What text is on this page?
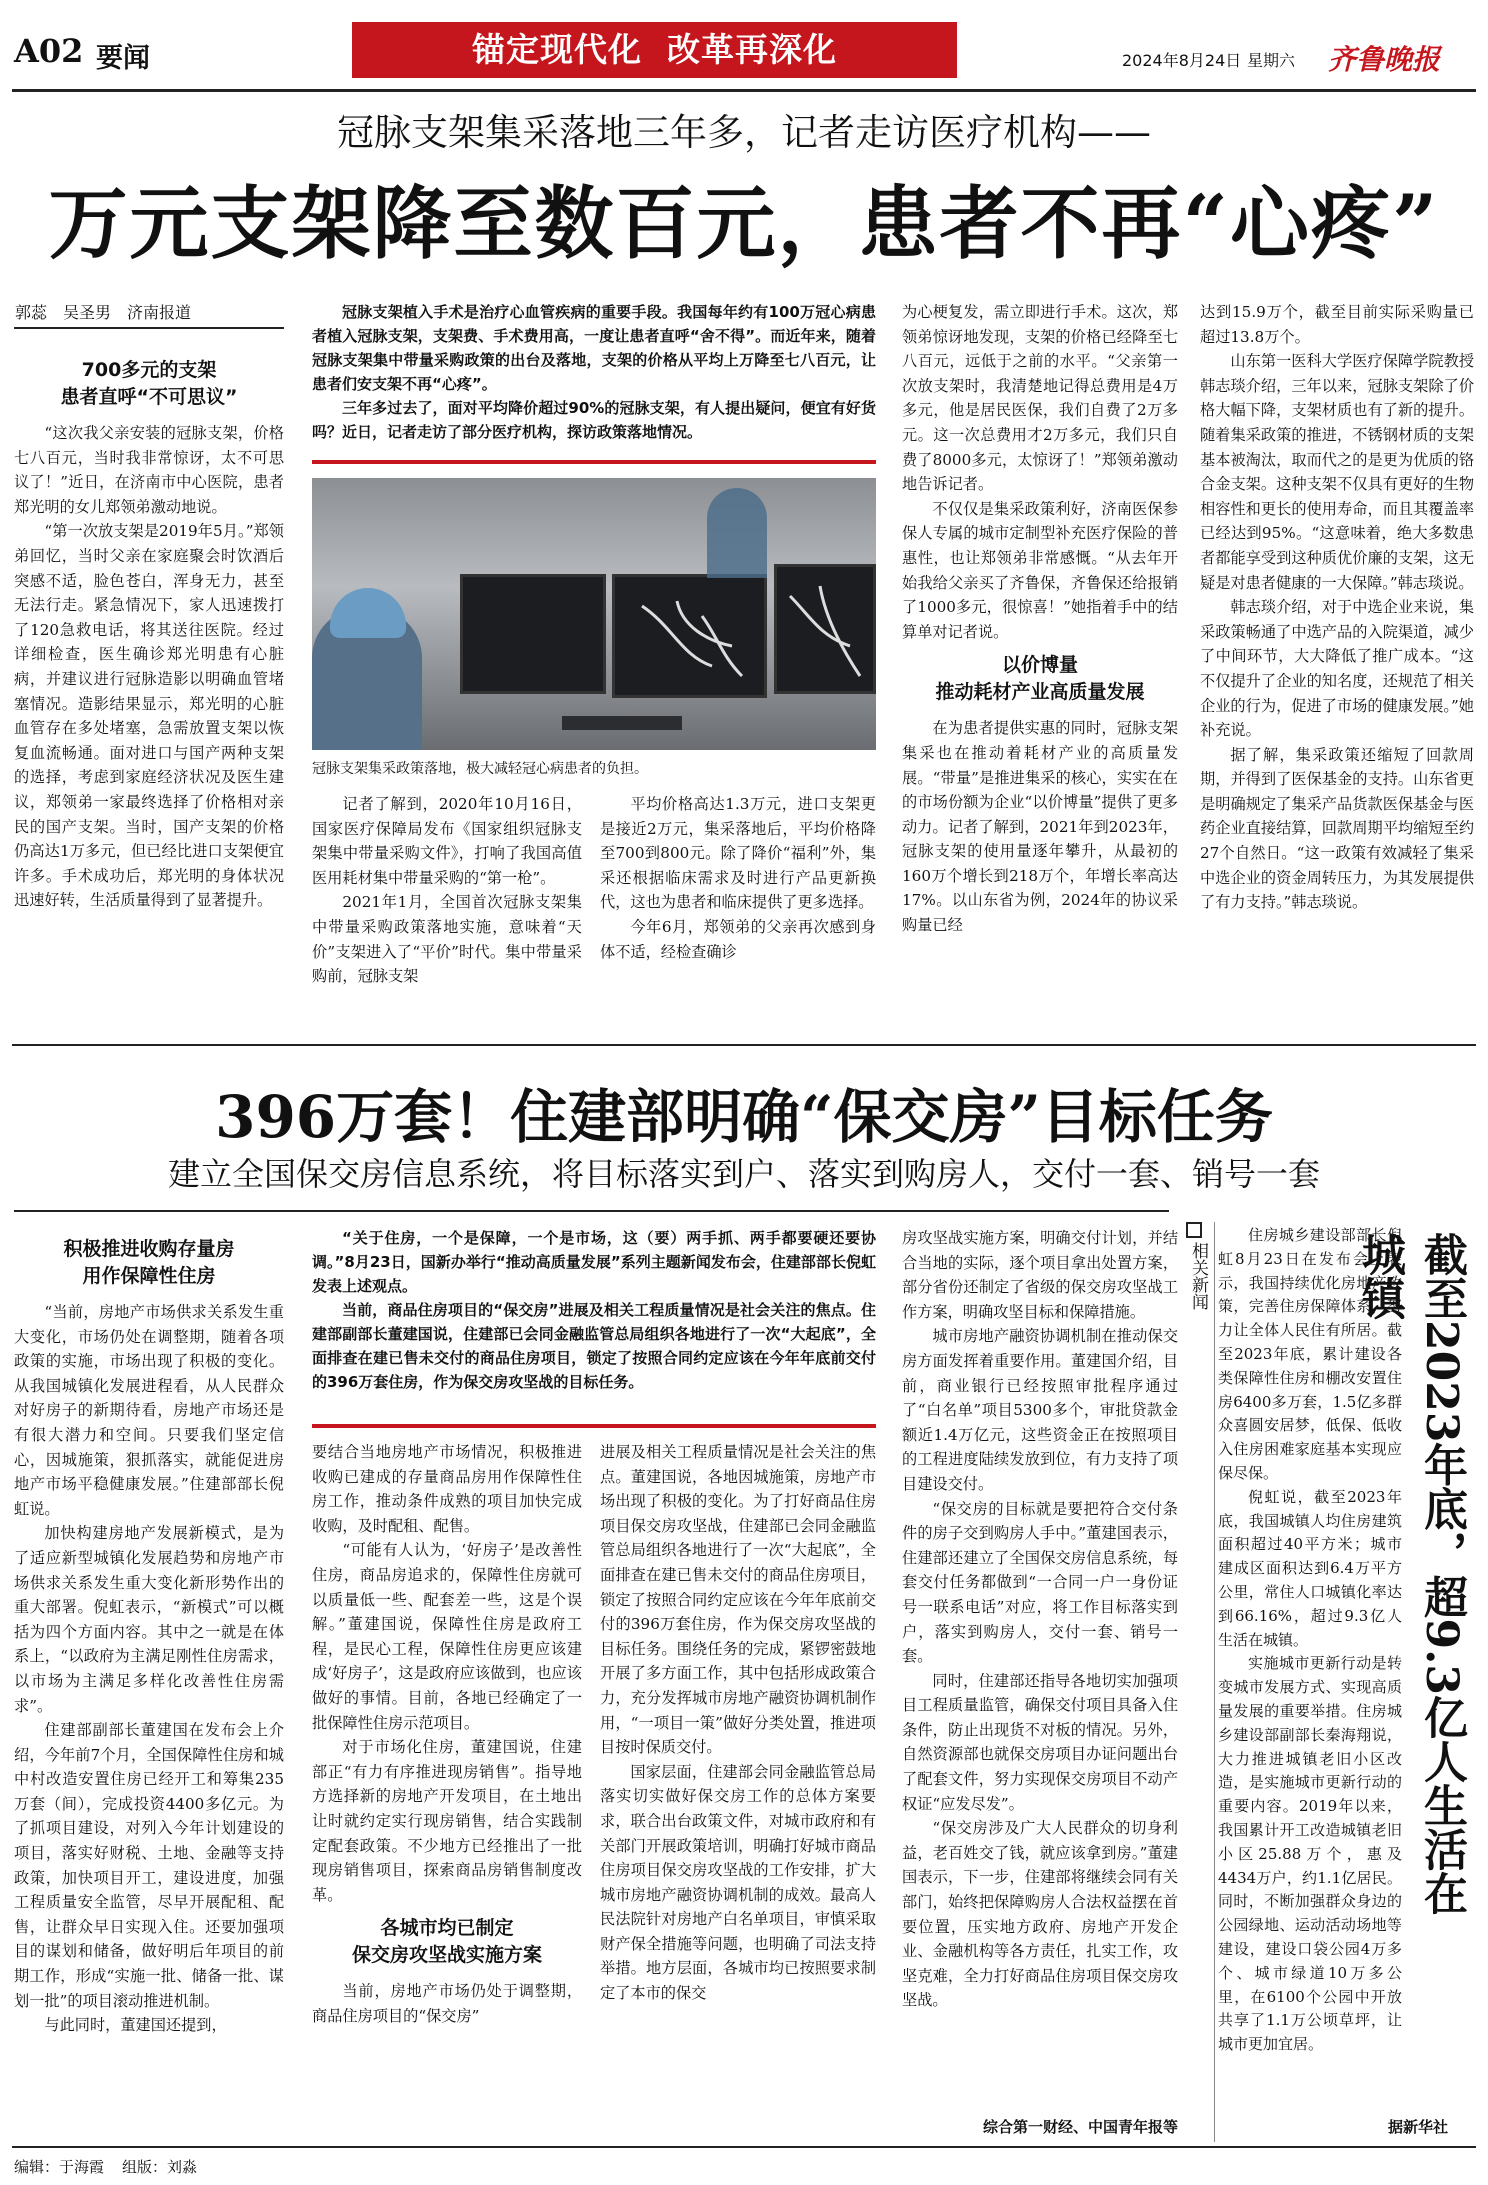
A02 要闻	锚定现代化  改革再深化	2024年8月24日 星期六 齐鲁晚报
冠脉支架集采落地三年多，记者走访医疗机构——
万元支架降至数百元，患者不再“心疼”
郭蕊　吴圣男　济南报道
700多元的支架
患者直呼“不可思议”

“这次我父亲安装的冠脉支架，价格七八百元，当时我非常惊讶，太不可思议了！”近日，在济南市中心医院，患者郑光明的女儿郑领弟激动地说。

“第一次放支架是2019年5月。”郑领弟回忆，当时父亲在家庭聚会时饮酒后突感不适，脸色苍白，浑身无力，甚至无法行走。紧急情况下，家人迅速拨打了120急救电话，将其送往医院。经过详细检查，医生确诊郑光明患有心脏病，并建议进行冠脉造影以明确血管堵塞情况。造影结果显示，郑光明的心脏血管存在多处堵塞，急需放置支架以恢复血流畅通。面对进口与国产两种支架的选择，考虑到家庭经济状况及医生建议，郑领弟一家最终选择了价格相对亲民的国产支架。当时，国产支架的价格仍高达1万多元，但已经比进口支架便宜许多。手术成功后，郑光明的身体状况迅速好转，生活质量得到了显著提升。

冠脉支架植入手术是治疗心血管疾病的重要手段。我国每年约有100万冠心病患者植入冠脉支架，支架费、手术费用高，一度让患者直呼“舍不得”。而近年来，随着冠脉支架集中带量采购政策的出台及落地，支架的价格从平均上万降至七八百元，让患者们安支架不再“心疼”。

三年多过去了，面对平均降价超过90%的冠脉支架，有人提出疑问，便宜有好货吗？近日，记者走访了部分医疗机构，探访政策落地情况。

冠脉支架集采政策落地，极大减轻冠心病患者的负担。

记者了解到，2020年10月16日，国家医疗保障局发布《国家组织冠脉支架集中带量采购文件》，打响了我国高值医用耗材集中带量采购的“第一枪”。

2021年1月，全国首次冠脉支架集中带量采购政策落地实施，意味着“天价”支架进入了“平价”时代。集中带量采购前，冠脉支架

平均价格高达1.3万元，进口支架更是接近2万元，集采落地后，平均价格降至700到800元。除了降价“福利”外，集采还根据临床需求及时进行产品更新换代，这也为患者和临床提供了更多选择。

今年6月，郑领弟的父亲再次感到身体不适，经检查确诊

为心梗复发，需立即进行手术。这次，郑领弟惊讶地发现，支架的价格已经降至七八百元，远低于之前的水平。“父亲第一次放支架时，我清楚地记得总费用是4万多元，他是居民医保，我们自费了2万多元。这一次总费用才2万多元，我们只自费了8000多元，太惊讶了！”郑领弟激动地告诉记者。

不仅仅是集采政策利好，济南医保参保人专属的城市定制型补充医疗保险的普惠性，也让郑领弟非常感慨。“从去年开始我给父亲买了齐鲁保，齐鲁保还给报销了1000多元，很惊喜！”她指着手中的结算单对记者说。

以价博量
推动耗材产业高质量发展

在为患者提供实惠的同时，冠脉支架集采也在推动着耗材产业的高质量发展。“带量”是推进集采的核心，实实在在的市场份额为企业“以价博量”提供了更多动力。记者了解到，2021年到2023年，冠脉支架的使用量逐年攀升，从最初的160万个增长到218万个，年增长率高达17%。以山东省为例，2024年的协议采购量已经

达到15.9万个，截至目前实际采购量已超过13.8万个。

山东第一医科大学医疗保障学院教授韩志琰介绍，三年以来，冠脉支架除了价格大幅下降，支架材质也有了新的提升。随着集采政策的推进，不锈钢材质的支架基本被淘汰，取而代之的是更为优质的铬合金支架。这种支架不仅具有更好的生物相容性和更长的使用寿命，而且其覆盖率已经达到95%。“这意味着，绝大多数患者都能享受到这种质优价廉的支架，这无疑是对患者健康的一大保障。”韩志琰说。

韩志琰介绍，对于中选企业来说，集采政策畅通了中选产品的入院渠道，减少了中间环节，大大降低了推广成本。“这不仅提升了企业的知名度，还规范了相关企业的行为，促进了市场的健康发展。”她补充说。

据了解，集采政策还缩短了回款周期，并得到了医保基金的支持。山东省更是明确规定了集采产品货款医保基金与医药企业直接结算，回款周期平均缩短至约27个自然日。“这一政策有效减轻了集采中选企业的资金周转压力，为其发展提供了有力支持。”韩志琰说。

396万套！住建部明确“保交房”目标任务
建立全国保交房信息系统，将目标落实到户、落实到购房人，交付一套、销号一套
积极推进收购存量房
用作保障性住房

“当前，房地产市场供求关系发生重大变化，市场仍处在调整期，随着各项政策的实施，市场出现了积极的变化。从我国城镇化发展进程看，从人民群众对好房子的新期待看，房地产市场还是有很大潜力和空间。只要我们坚定信心，因城施策，狠抓落实，就能促进房地产市场平稳健康发展。”住建部部长倪虹说。

加快构建房地产发展新模式，是为了适应新型城镇化发展趋势和房地产市场供求关系发生重大变化新形势作出的重大部署。倪虹表示，“新模式”可以概括为四个方面内容。其中之一就是在体系上，“以政府为主满足刚性住房需求，以市场为主满足多样化改善性住房需求”。

住建部副部长董建国在发布会上介绍，今年前7个月，全国保障性住房和城中村改造安置住房已经开工和筹集235万套（间），完成投资4400多亿元。为了抓项目建设，对列入今年计划建设的项目，落实好财税、土地、金融等支持政策，加快项目开工，建设进度，加强工程质量安全监管，尽早开展配租、配售，让群众早日实现入住。还要加强项目的谋划和储备，做好明后年项目的前期工作，形成“实施一批、储备一批、谋划一批”的项目滚动推进机制。

与此同时，董建国还提到，

“关于住房，一个是保障，一个是市场，这（要）两手抓、两手都要硬还要协调。”8月23日，国新办举行“推动高质量发展”系列主题新闻发布会，住建部部长倪虹发表上述观点。

当前，商品住房项目的“保交房”进展及相关工程质量情况是社会关注的焦点。住建部副部长董建国说，住建部已会同金融监管总局组织各地进行了一次“大起底”，全面排查在建已售未交付的商品住房项目，锁定了按照合同约定应该在今年年底前交付的396万套住房，作为保交房攻坚战的目标任务。

要结合当地房地产市场情况，积极推进收购已建成的存量商品房用作保障性住房工作，推动条件成熟的项目加快完成收购，及时配租、配售。

“可能有人认为，‘好房子’是改善性住房，商品房追求的，保障性住房就可以质量低一些、配套差一些，这是个误解。”董建国说，保障性住房是政府工程，是民心工程，保障性住房更应该建成‘好房子’，这是政府应该做到，也应该做好的事情。目前，各地已经确定了一批保障性住房示范项目。

对于市场化住房，董建国说，住建部正“有力有序推进现房销售”。指导地方选择新的房地产开发项目，在土地出让时就约定实行现房销售，结合实践制定配套政策。不少地方已经推出了一批现房销售项目，探索商品房销售制度改革。

各城市均已制定
保交房攻坚战实施方案

当前，房地产市场仍处于调整期，商品住房项目的“保交房”

进展及相关工程质量情况是社会关注的焦点。董建国说，各地因城施策，房地产市场出现了积极的变化。为了打好商品住房项目保交房攻坚战，住建部已会同金融监管总局组织各地进行了一次“大起底”，全面排查在建已售未交付的商品住房项目，锁定了按照合同约定应该在今年年底前交付的396万套住房，作为保交房攻坚战的目标任务。围绕任务的完成，紧锣密鼓地开展了多方面工作，其中包括形成政策合力，充分发挥城市房地产融资协调机制作用，“一项目一策”做好分类处置，推进项目按时保质交付。

国家层面，住建部会同金融监管总局落实切实做好保交房工作的总体方案要求，联合出台政策文件，对城市政府和有关部门开展政策培训，明确打好城市商品住房项目保交房攻坚战的工作安排，扩大城市房地产融资协调机制的成效。最高人民法院针对房地产白名单项目，审慎采取财产保全措施等问题，也明确了司法支持举措。地方层面，各城市均已按照要求制定了本市的保交

房攻坚战实施方案，明确交付计划，并结合当地的实际，逐个项目拿出处置方案，部分省份还制定了省级的保交房攻坚战工作方案，明确攻坚目标和保障措施。

城市房地产融资协调机制在推动保交房方面发挥着重要作用。董建国介绍，目前，商业银行已经按照审批程序通过了“白名单”项目5300多个，审批贷款金额近1.4万亿元，这些资金正在按照项目的工程进度陆续发放到位，有力支持了项目建设交付。

“保交房的目标就是要把符合交付条件的房子交到购房人手中。”董建国表示，住建部还建立了全国保交房信息系统，每套交付任务都做到“一合同一户一身份证号一联系电话”对应，将工作目标落实到户，落实到购房人，交付一套、销号一套。

同时，住建部还指导各地切实加强项目工程质量监管，确保交付项目具备入住条件，防止出现货不对板的情况。另外，自然资源部也就保交房项目办证问题出台了配套文件，努力实现保交房项目不动产权证“应发尽发”。

“保交房涉及广大人民群众的切身利益，老百姓交了钱，就应该拿到房。”董建国表示，下一步，住建部将继续会同有关部门，始终把保障购房人合法权益摆在首要位置，压实地方政府、房地产开发企业、金融机构等各方责任，扎实工作，攻坚克难，全力打好商品住房项目保交房攻坚战。

综合第一财经、中国青年报等
相关新闻

住房城乡建设部部长倪虹8月23日在发布会上表示，我国持续优化房地产政策，完善住房保障体系，努力让全体人民住有所居。截至2023年底，累计建设各类保障性住房和棚改安置住房6400多万套，1.5亿多群众喜圆安居梦，低保、低收入住房困难家庭基本实现应保尽保。

倪虹说，截至2023年底，我国城镇人均住房建筑面积超过40平方米；城市建成区面积达到6.4万平方公里，常住人口城镇化率达到66.16%，超过9.3亿人生活在城镇。

实施城市更新行动是转变城市发展方式、实现高质量发展的重要举措。住房城乡建设部副部长秦海翔说，大力推进城镇老旧小区改造，是实施城市更新行动的重要内容。2019年以来，我国累计开工改造城镇老旧小区25.88万个，惠及4434万户，约1.1亿居民。同时，不断加强群众身边的公园绿地、运动活动场地等建设，建设口袋公园4万多个、城市绿道10万多公里，在6100个公园中开放共享了1.1万公顷草坪，让城市更加宜居。

截至2023年底，超9.3亿人生活在城镇
据新华社
编辑：于海霞 组版：刘淼
